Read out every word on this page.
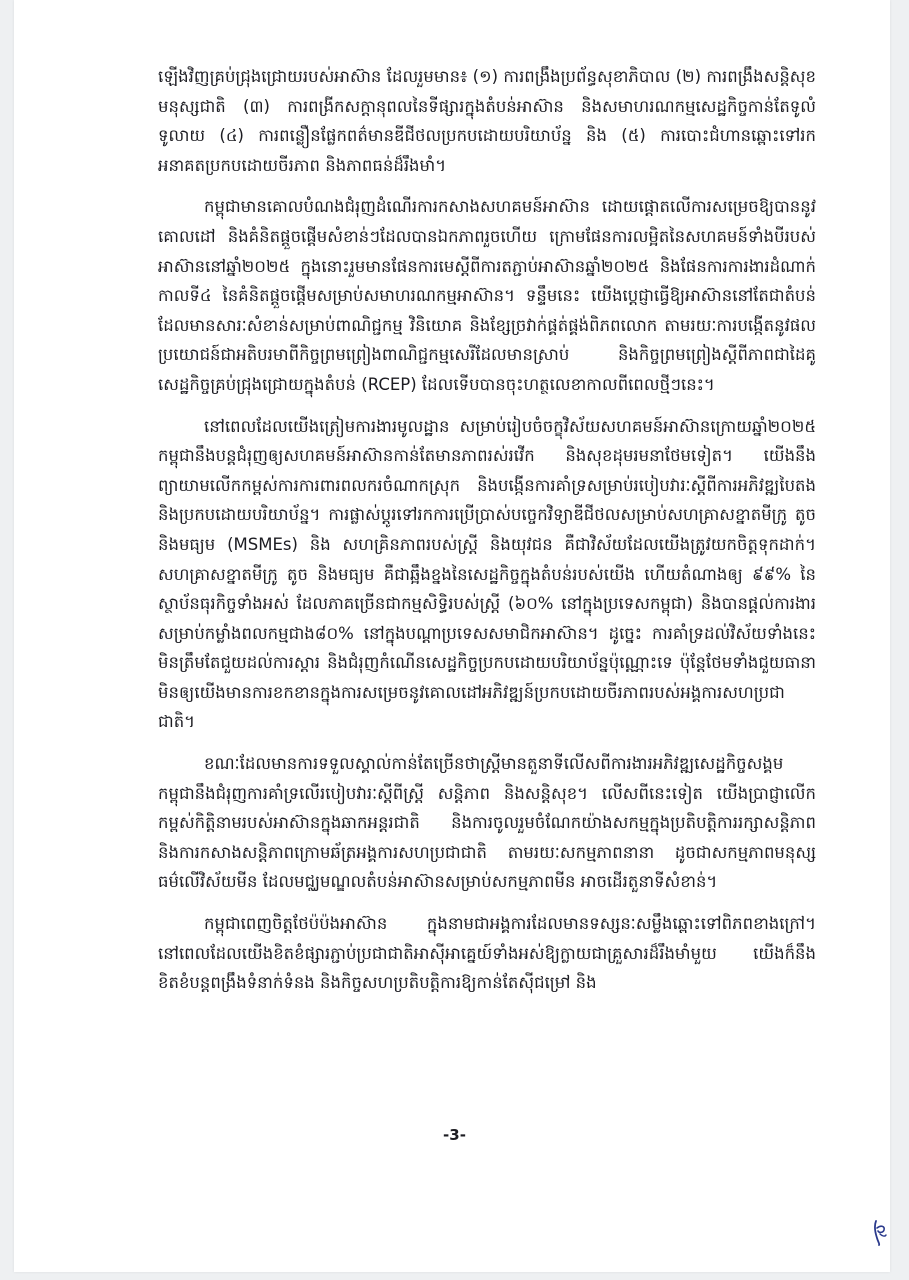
ឡើងវិញគ្រប់ជ្រុងជ្រោយរបស់អាស៊ាន ដែលរួមមាន៖ (១) ការពង្រឹងប្រព័ន្ធសុខាភិបាល (២) ការពង្រឹងសន្តិសុខមនុស្សជាតិ (៣) ការពង្រីកសក្តានុពលនៃទីផ្សារក្នុងតំបន់អាស៊ាន និងសមាហរណកម្មសេដ្ឋកិច្ចកាន់តែទូលំទូលាយ (៤) ការពន្លឿនផ្លែកពត៌មានឌីជីថលប្រកបដោយបរិយាប័ន្ន និង (៥) ការបោះជំហានឆ្ពោះទៅរកអនាគតប្រកបដោយចីរភាព និងភាពធន់ដ៏រឹងមាំ។

កម្ពុជាមានគោលបំណងជំរុញដំណើរការកសាងសហគមន៍អាស៊ាន ដោយផ្តោតលើការសម្រេចឱ្យបាននូវគោលដៅ និងគំនិតផ្តួចផ្តើមសំខាន់ៗដែលបានឯកភាពរួចហើយ ក្រោមផែនការលម្អិតនៃសហគមន៍ទាំងបីរបស់អាស៊ាននៅឆ្នាំ២០២៥ ក្នុងនោះរួមមានផែនការមេស្តីពីការតភ្ជាប់អាស៊ានឆ្នាំ២០២៥ និងផែនការការងារដំណាក់កាលទី៤ នៃគំនិតផ្តួចផ្តើមសម្រាប់សមាហរណកម្មអាស៊ាន។ ទន្ទឹមនេះ យើងប្តេជ្ញាធ្វើឱ្យអាស៊ាននៅតែជាតំបន់ដែលមានសារៈសំខាន់សម្រាប់ពាណិជ្ជកម្ម វិនិយោគ និងខ្សែច្រវាក់ផ្គត់ផ្គង់ពិភពលោក តាមរយៈការបង្កើតនូវផលប្រយោជន៍ជាអតិបរមាពីកិច្ចព្រមព្រៀងពាណិជ្ជកម្មសេរីដែលមានស្រាប់ និងកិច្ចព្រមព្រៀងស្តីពីភាពជាដៃគូសេដ្ឋកិច្ចគ្រប់ជ្រុងជ្រោយក្នុងតំបន់ (RCEP) ដែលទើបបានចុះហត្ថលេខាកាលពីពេលថ្មីៗនេះ។

នៅពេលដែលយើងត្រៀមការងារមូលដ្ឋាន សម្រាប់រៀបចំចក្ខុវិស័យសហគមន៍អាស៊ានក្រោយឆ្នាំ២០២៥ កម្ពុជានឹងបន្តជំរុញឲ្យសហគមន៍អាស៊ានកាន់តែមានភាពរស់រវើក និងសុខដុមរមនាថែមទៀត។ យើងនឹងព្យាយាមលើកកម្ពស់ការការពារពលករចំណាកស្រុក និងបង្កើនការគាំទ្រសម្រាប់របៀបវារៈស្តីពីការអភិវឌ្ឍបៃតង និងប្រកបដោយបរិយាប័ន្ន។ ការផ្លាស់ប្តូរទៅរកការប្រើប្រាស់បច្ចេកវិទ្យាឌីជីថលសម្រាប់សហគ្រាសខ្នាតមីក្រូ តូច និងមធ្យម (MSMEs) និង សហគ្រិនភាពរបស់ស្ត្រី និងយុវជន គឺជាវិស័យដែលយើងត្រូវយកចិត្តទុកដាក់។ សហគ្រាសខ្នាតមីក្រូ តូច និងមធ្យម គឺជាឆ្អឹងខ្នងនៃសេដ្ឋកិច្ចក្នុងតំបន់របស់យើង ហើយតំណាងឲ្យ ៩៩% នៃស្ថាប័នធុរកិច្ចទាំងអស់ ដែលភាគច្រើនជាកម្មសិទ្ធិរបស់ស្ត្រី (៦០% នៅក្នុងប្រទេសកម្ពុជា) និងបានផ្តល់ការងារសម្រាប់កម្លាំងពលកម្មជាង៨០% នៅក្នុងបណ្តាប្រទេសសមាជិកអាស៊ាន។ ដូច្នេះ ការគាំទ្រដល់វិស័យទាំងនេះ មិនត្រឹមតែជួយដល់ការស្តារ និងជំរុញកំណើនសេដ្ឋកិច្ចប្រកបដោយបរិយាប័ន្នប៉ុណ្ណោះទេ ប៉ុន្តែថែមទាំងជួយធានាមិនឲ្យយើងមានការខកខានក្នុងការសម្រេចនូវគោលដៅអភិវឌ្ឍន៍ប្រកបដោយចីរភាពរបស់អង្គការសហប្រជាជាតិ។

ខណៈដែលមានការទទួលស្គាល់កាន់តែច្រើនថាស្ត្រីមានតួនាទីលើសពីការងារអភិវឌ្ឍសេដ្ឋកិច្ចសង្គម កម្ពុជានឹងជំរុញការគាំទ្រលើរបៀបវារៈស្តីពីស្ត្រី សន្តិភាព និងសន្តិសុខ។ លើសពីនេះទៀត យើងប្រាជ្ញាលើកកម្ពស់កិត្តិនាមរបស់អាស៊ានក្នុងឆាកអន្តរជាតិ និងការចូលរួមចំណែកយ៉ាងសកម្មក្នុងប្រតិបត្តិការរក្សាសន្តិភាព និងការកសាងសន្តិភាពក្រោមឆ័ត្រអង្គការសហប្រជាជាតិ តាមរយៈសកម្មភាពនានា ដូចជាសកម្មភាពមនុស្សធម៌លើវិស័យមីន ដែលមជ្ឈមណ្ឌលតំបន់អាស៊ានសម្រាប់សកម្មភាពមីន អាចដើរតួនាទីសំខាន់។

កម្ពុជាពេញចិត្តថែប៉ប៉ងអាស៊ាន ក្នុងនាមជាអង្គការដែលមានទស្សនៈសម្លឹងឆ្ពោះទៅពិភពខាងក្រៅ។ នៅពេលដែលយើងខិតខំផ្សារភ្ជាប់ប្រជាជាតិអាស៊ីអាគ្នេយ៍ទាំងអស់ឱ្យក្លាយជាគ្រួសារដ៏រឹងមាំមួយ យើងក៏នឹងខិតខំបន្តពង្រឹងទំនាក់ទំនង និងកិច្ចសហប្រតិបត្តិការឱ្យកាន់តែស៊ីជម្រៅ និង

-3-
